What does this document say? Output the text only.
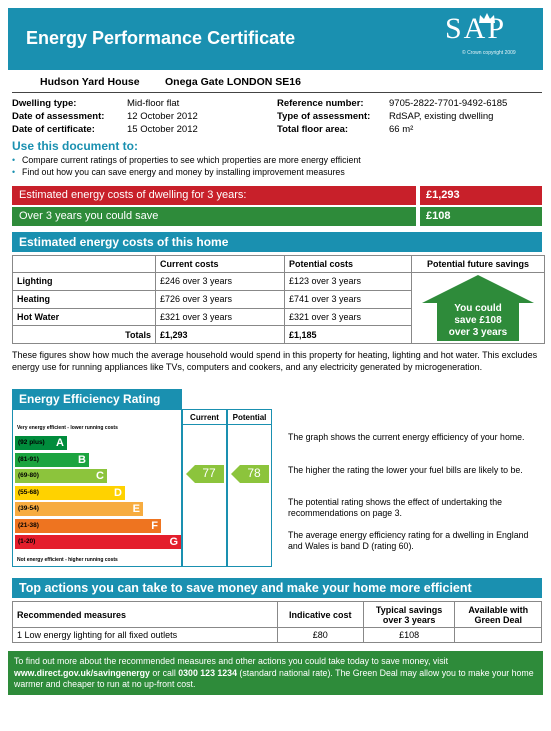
Energy Performance Certificate	SAP
© Crown copyright 2009
Hudson Yard House Onega Gate LONDON SE16
Dwelling type:	Mid-floor flat	Reference number:	9705-2822-7701-9492-6185
Date of assessment: 12 October 2012	Type of assessment: RdSAP, existing dwelling
Date of certificate:	15 October 2012	Total floor area:	66 m²
Use this document to:
• Compare current ratings of properties to see which properties are more energy efficient
• Find out how you can save energy and money by installing improvement measures
Estimated energy costs of dwelling for 3 years:	£1,293
Over 3 years you could save	£108
Estimated energy costs of this home
	Current costs	Potential costs	Potential future savings
Lighting	£246 over 3 years	£123 over 3 years	You could
save £108
over 3 years

Heating	£726 over 3 years	£741 over 3 years	
Hot Water	£321 over 3 years	£321 over 3 years	
Totals	£1,293	£1,185	
These figures show how much the average household would spend in this property for heating, lighting and hot water. This excludes energy use for running appliances like TVs, computers and cookers, and any electricity generated by microgeneration.
Energy Efficiency Rating
Very energy efficient - lower running costs
(92 plus) A
(81-91)	B
(69-80)	C
(55-68)	D
(39-54)	E
(21-38)	F
(1-20)	G
Not energy efficient - higher running costs
Current	Potential
77	78
The graph shows the current energy efficiency of your home.
The higher the rating the lower your fuel bills are likely to be.
The potential rating shows the effect of undertaking the recommendations on page 3.
The average energy efficiency rating for a dwelling in England and Wales is band D (rating 60).
Top actions you can take to save money and make your home more efficient
Recommended measures	Indicative cost	Typical savings over 3 years	Available with Green Deal
1 Low energy lighting for all fixed outlets	£80	£108	
To find out more about the recommended measures and other actions you could take today to save money, visit www.direct.gov.uk/savingenergy or call 0300 123 1234 (standard national rate). The Green Deal may allow you to make your home warmer and cheaper to run at no up-front cost.
